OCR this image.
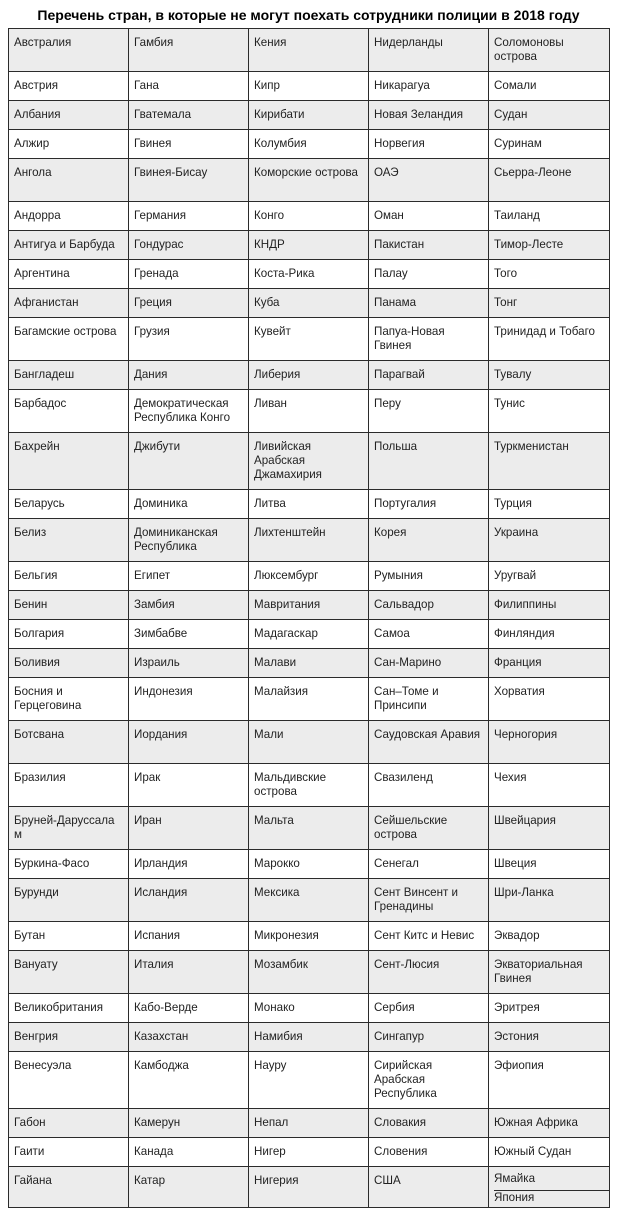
Перечень стран, в которые не могут поехать сотрудники полиции в 2018 году
Австралия	Гамбия	Кения	Нидерланды	Соломоновы острова

Австрия	Гана	Кипр	Никарагуа	Сомали

Албания	Гватемала	Кирибати	Новая Зеландия	Судан

Алжир	Гвинея	Колумбия	Норвегия	Суринам

Ангола	Гвинея-Бисау	Коморские острова	ОАЭ	Сьерра-Леоне

Андорра	Германия	Конго	Оман	Таиланд

Антигуа и Барбуда	Гондурас	КНДР	Пакистан	Тимор-Лесте

Аргентина	Гренада	Коста-Рика	Палау	Того

Афганистан	Греция	Куба	Панама	Тонг

Багамские острова	Грузия	Кувейт	Папуа-Новая Гвинея	Тринидад и Тобаго

Бангладеш	Дания	Либерия	Парагвай	Тувалу

Барбадос	Демократическая Республика Конго	Ливан	Перу	Тунис

Бахрейн	Джибути	Ливийская Арабская Джамахирия	Польша	Туркменистан

Беларусь	Доминика	Литва	Португалия	Турция

Белиз	Доминиканская Республика	Лихтенштейн	Корея	Украина

Бельгия	Египет	Люксембург	Румыния	Уругвай

Бенин	Замбия	Мавритания	Сальвадор	Филиппины

Болгария	Зимбабве	Мадагаскар	Самоа	Финляндия

Боливия	Израиль	Малави	Сан-Марино	Франция

Босния и Герцеговина	Индонезия	Малайзия	Сан–Томе и Принсипи	Хорватия

Ботсвана	Иордания	Мали	Саудовская Аравия	Черногория

Бразилия	Ирак	Мальдивские острова	Свазиленд	Чехия

Бруней-Даруссала м	Иран	Мальта	Сейшельские острова	Швейцария

Буркина-Фасо	Ирландия	Марокко	Сенегал	Швеция

Бурунди	Исландия	Мексика	Сент Винсент и Гренадины	Шри-Ланка

Бутан	Испания	Микронезия	Сент Китс и Невис	Эквадор

Вануату	Италия	Мозамбик	Сент-Люсия	Экваториальная Гвинея

Великобритания	Кабо-Верде	Монако	Сербия	Эритрея

Венгрия	Казахстан	Намибия	Сингапур	Эстония

Венесуэла	Камбоджа	Науру	Сирийская Арабская Республика	Эфиопия

Габон	Камерун	Непал	Словакия	Южная Африка

Гаити	Канада	Нигер	Словения	Южный Судан

Гайана	Катар	Нигерия	США	Ямайка
Япония
